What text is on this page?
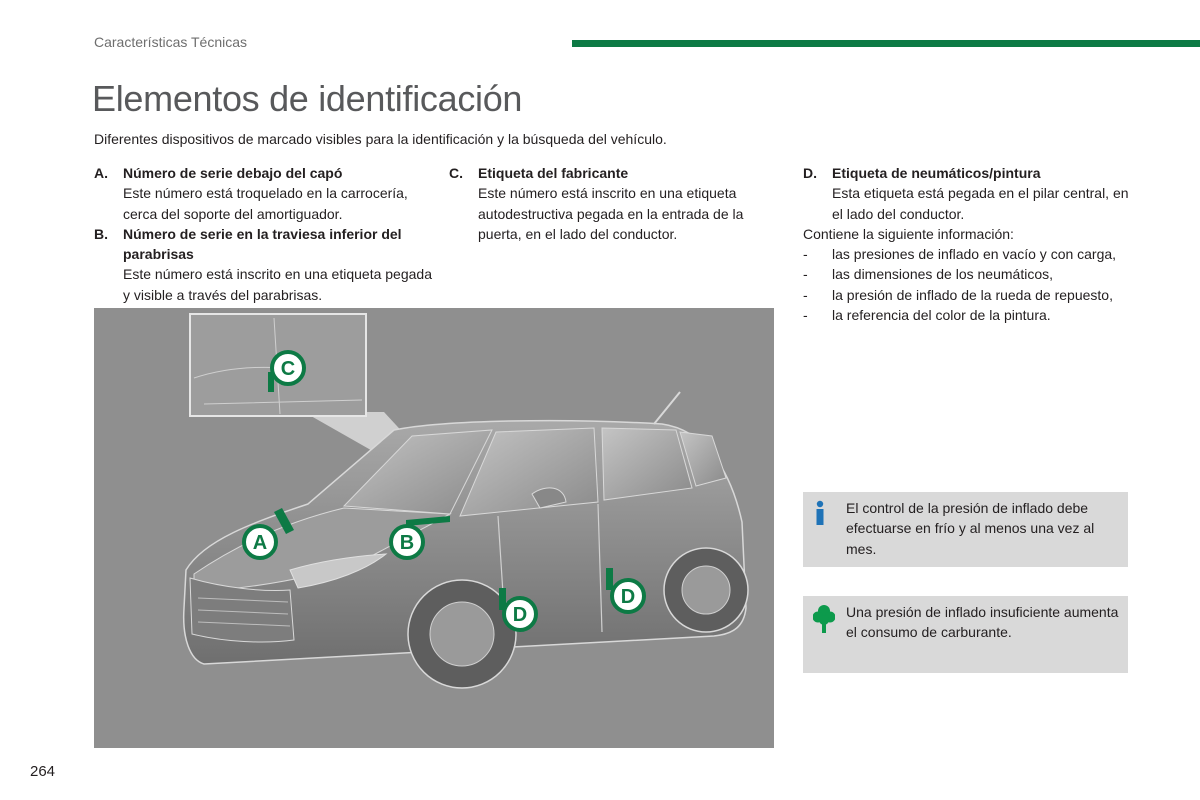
Características Técnicas
Elementos de identificación
Diferentes dispositivos de marcado visibles para la identificación y la búsqueda del vehículo.
A.	Número de serie debajo del capó
Este número está troquelado en la carrocería, cerca del soporte del amortiguador.
B.	Número de serie en la traviesa inferior del parabrisas
Este número está inscrito en una etiqueta pegada y visible a través del parabrisas.
C.	Etiqueta del fabricante
Este número está inscrito en una etiqueta autodestructiva pegada en la entrada de la puerta, en el lado del conductor.
D.	Etiqueta de neumáticos/pintura
Esta etiqueta está pegada en el pilar central, en el lado del conductor.
Contiene la siguiente información:
-	las presiones de inflado en vacío y con carga,
-	las dimensiones de los neumáticos,
-	la presión de inflado de la rueda de repuesto,
-	la referencia del color de la pintura.
C
A	B
D
D
El control de la presión de inflado debe efectuarse en frío y al menos una vez al mes.
Una presión de inflado insuficiente aumenta el consumo de carburante.
264
